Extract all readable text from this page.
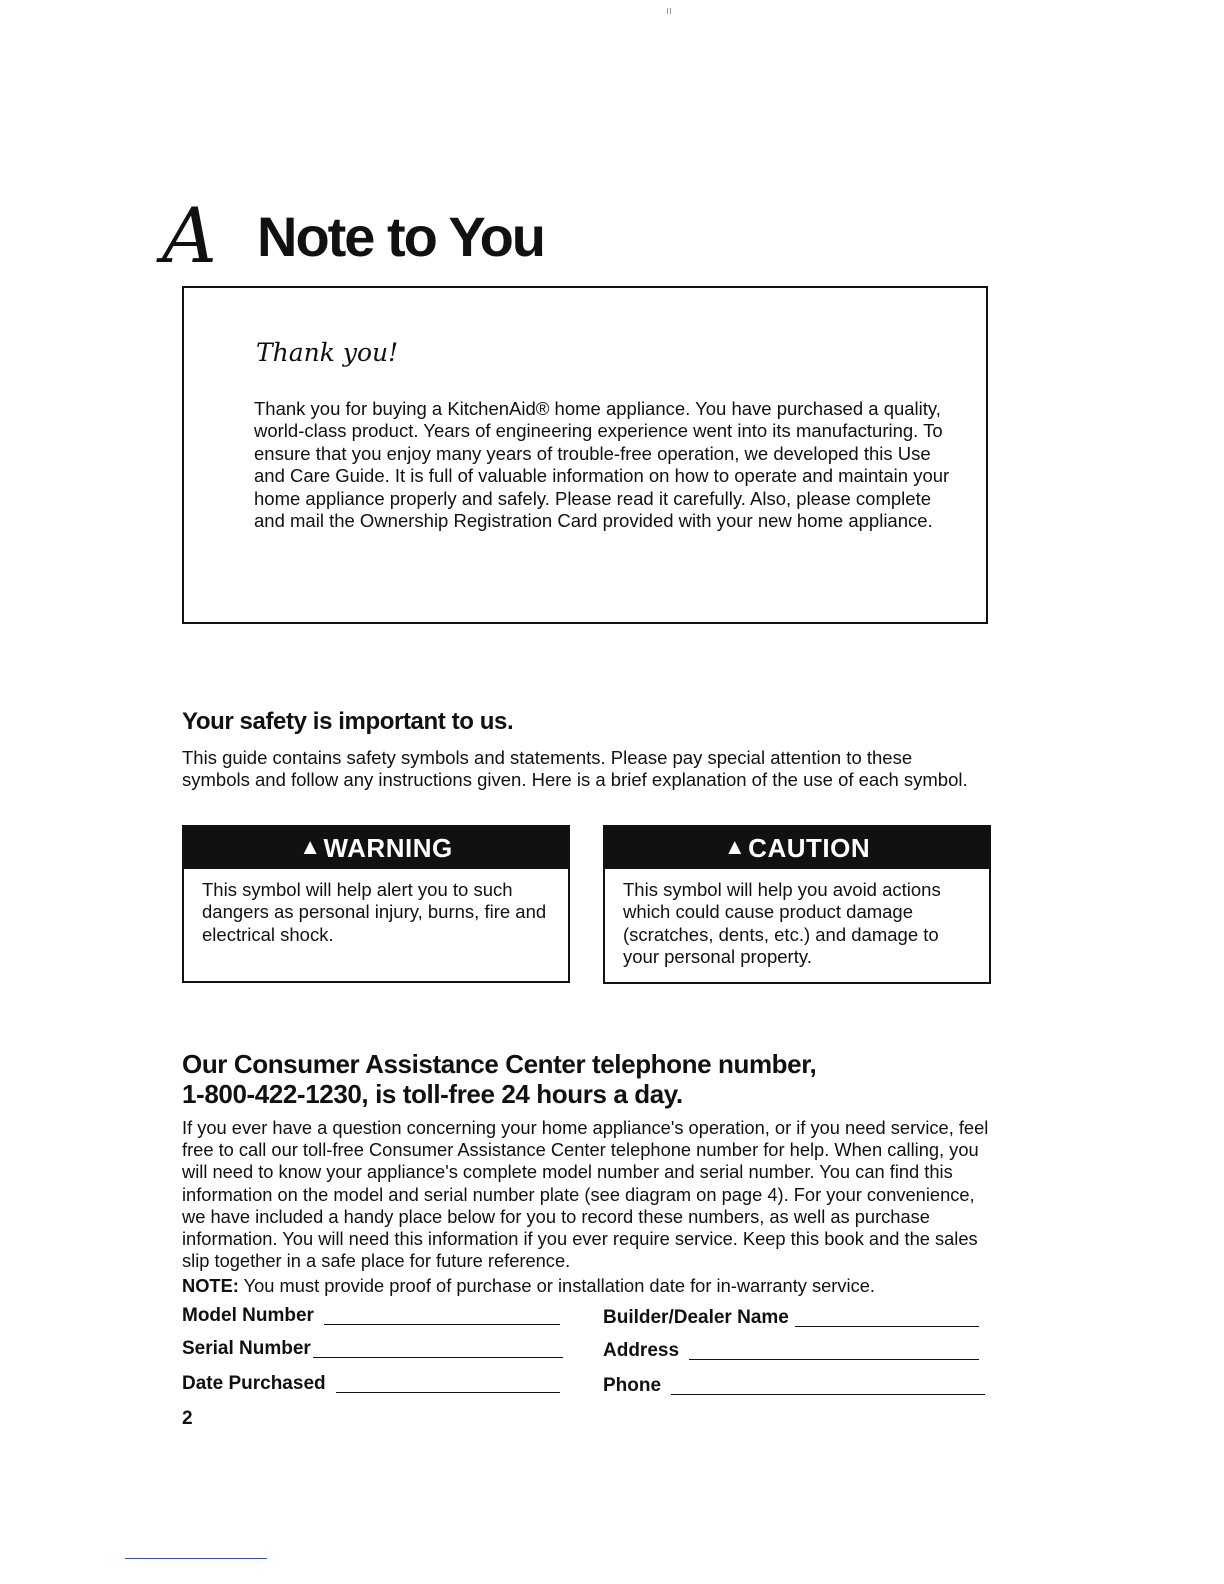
A Note to You
Thank you!

Thank you for buying a KitchenAid® home appliance. You have purchased a quality, world-class product. Years of engineering experience went into its manufacturing. To ensure that you enjoy many years of trouble-free operation, we developed this Use and Care Guide. It is full of valuable information on how to operate and maintain your home appliance properly and safely. Please read it carefully. Also, please complete and mail the Ownership Registration Card provided with your new home appliance.

Your safety is important to us.

This guide contains safety symbols and statements. Please pay special attention to these symbols and follow any instructions given. Here is a brief explanation of the use of each symbol.

▲ WARNING

This symbol will help alert you to such dangers as personal injury, burns, fire and electrical shock.

▲ CAUTION

This symbol will help you avoid actions which could cause product damage (scratches, dents, etc.) and damage to your personal property.

Our Consumer Assistance Center telephone number,
1-800-422-1230, is toll-free 24 hours a day.

If you ever have a question concerning your home appliance's operation, or if you need service, feel free to call our toll-free Consumer Assistance Center telephone number for help. When calling, you will need to know your appliance's complete model number and serial number. You can find this information on the model and serial number plate (see diagram on page 4). For your convenience, we have included a handy place below for you to record these numbers, as well as purchase information. You will need this information if you ever require service. Keep this book and the sales slip together in a safe place for future reference.

NOTE: You must provide proof of purchase or installation date for in-warranty service.

Model Number
Serial Number
Date Purchased
Builder/Dealer Name
Address
Phone
2
